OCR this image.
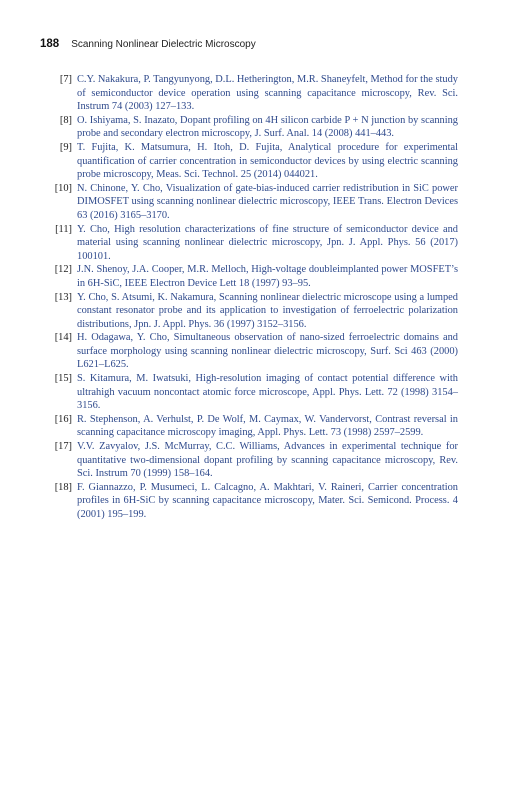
188 Scanning Nonlinear Dielectric Microscopy
[7] C.Y. Nakakura, P. Tangyunyong, D.L. Hetherington, M.R. Shaneyfelt, Method for the study of semiconductor device operation using scanning capacitance microscopy, Rev. Sci. Instrum 74 (2003) 127–133.
[8] O. Ishiyama, S. Inazato, Dopant profiling on 4H silicon carbide P + N junction by scanning probe and secondary electron microscopy, J. Surf. Anal. 14 (2008) 441–443.
[9] T. Fujita, K. Matsumura, H. Itoh, D. Fujita, Analytical procedure for experimental quantification of carrier concentration in semiconductor devices by using electric scanning probe microscopy, Meas. Sci. Technol. 25 (2014) 044021.
[10] N. Chinone, Y. Cho, Visualization of gate-bias-induced carrier redistribution in SiC power DIMOSFET using scanning nonlinear dielectric microscopy, IEEE Trans. Electron Devices 63 (2016) 3165–3170.
[11] Y. Cho, High resolution characterizations of fine structure of semiconductor device and material using scanning nonlinear dielectric microscopy, Jpn. J. Appl. Phys. 56 (2017) 100101.
[12] J.N. Shenoy, J.A. Cooper, M.R. Melloch, High-voltage doubleimplanted power MOSFET’s in 6H-SiC, IEEE Electron Device Lett 18 (1997) 93–95.
[13] Y. Cho, S. Atsumi, K. Nakamura, Scanning nonlinear dielectric microscope using a lumped constant resonator probe and its application to investigation of ferroelectric polarization distributions, Jpn. J. Appl. Phys. 36 (1997) 3152–3156.
[14] H. Odagawa, Y. Cho, Simultaneous observation of nano-sized ferroelectric domains and surface morphology using scanning nonlinear dielectric microscopy, Surf. Sci 463 (2000) L621–L625.
[15] S. Kitamura, M. Iwatsuki, High-resolution imaging of contact potential difference with ultrahigh vacuum noncontact atomic force microscope, Appl. Phys. Lett. 72 (1998) 3154–3156.
[16] R. Stephenson, A. Verhulst, P. De Wolf, M. Caymax, W. Vandervorst, Contrast reversal in scanning capacitance microscopy imaging, Appl. Phys. Lett. 73 (1998) 2597–2599.
[17] V.V. Zavyalov, J.S. McMurray, C.C. Williams, Advances in experimental technique for quantitative two-dimensional dopant profiling by scanning capacitance microscopy, Rev. Sci. Instrum 70 (1999) 158–164.
[18] F. Giannazzo, P. Musumeci, L. Calcagno, A. Makhtari, V. Raineri, Carrier concentration profiles in 6H-SiC by scanning capacitance microscopy, Mater. Sci. Semicond. Process. 4 (2001) 195–199.
